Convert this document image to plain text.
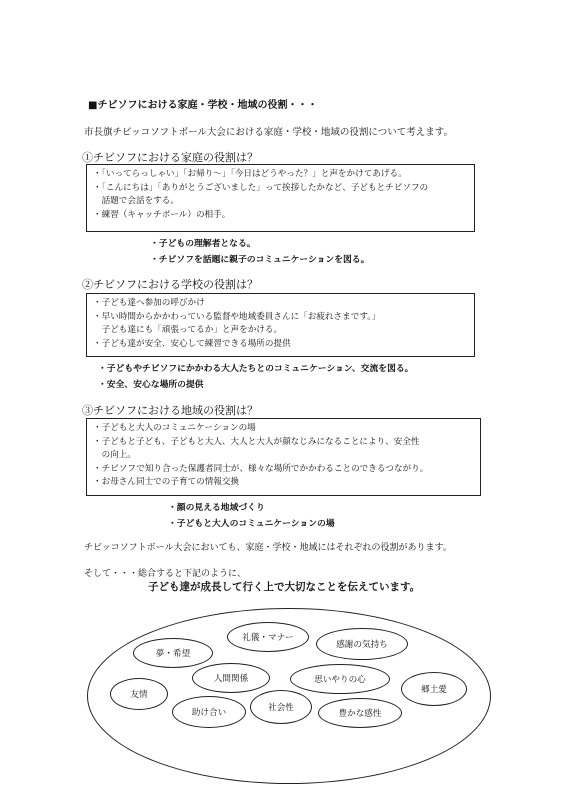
■チビソフにおける家庭・学校・地域の役割・・・
市長旗チビッコソフトボール大会における家庭・学校・地域の役割について考えます。
①チビソフにおける家庭の役割は？
・「いってらっしゃい」「お帰り～」「今日はどうやった？」と声をかけてあげる。
・「こんにちは」「ありがとうございました」って挨拶したかなど、子どもとチビソフの
　話題で会話をする。
・練習（キャッチボール）の相手。
・子どもの理解者となる。
・チビソフを話題に親子のコミュニケーションを図る。
②チビソフにおける学校の役割は？
・子ども達へ参加の呼びかけ
・早い時間からかかわっている監督や地域委員さんに「お疲れさまです。」
　子ども達にも「頑張ってるか」と声をかける。
・子ども達が安全、安心して練習できる場所の提供
・子どもやチビソフにかかわる大人たちとのコミュニケーション、交流を図る。
・安全、安心な場所の提供
③チビソフにおける地域の役割は？
・子どもと大人のコミュニケーションの場
・子どもと子ども、子どもと大人、大人と大人が顔なじみになることにより、安全性
　の向上。
・チビソフで知り合った保護者同士が、様々な場所でかかわることのできるつながり。
・お母さん同士での子育ての情報交換
・顔の見える地域づくり
・子どもと大人のコミュニケーションの場
チビッコソフトボール大会においても、家庭・学校・地域にはそれぞれの役割があります。
そして・・・総合すると下記のように、
子ども達が成長して行く上で大切なことを伝えています。
礼儀・マナー
夢・希望
感謝の気持ち
人間関係	思いやりの心
郷土愛
友情
助け合い	社会性
豊かな感性
